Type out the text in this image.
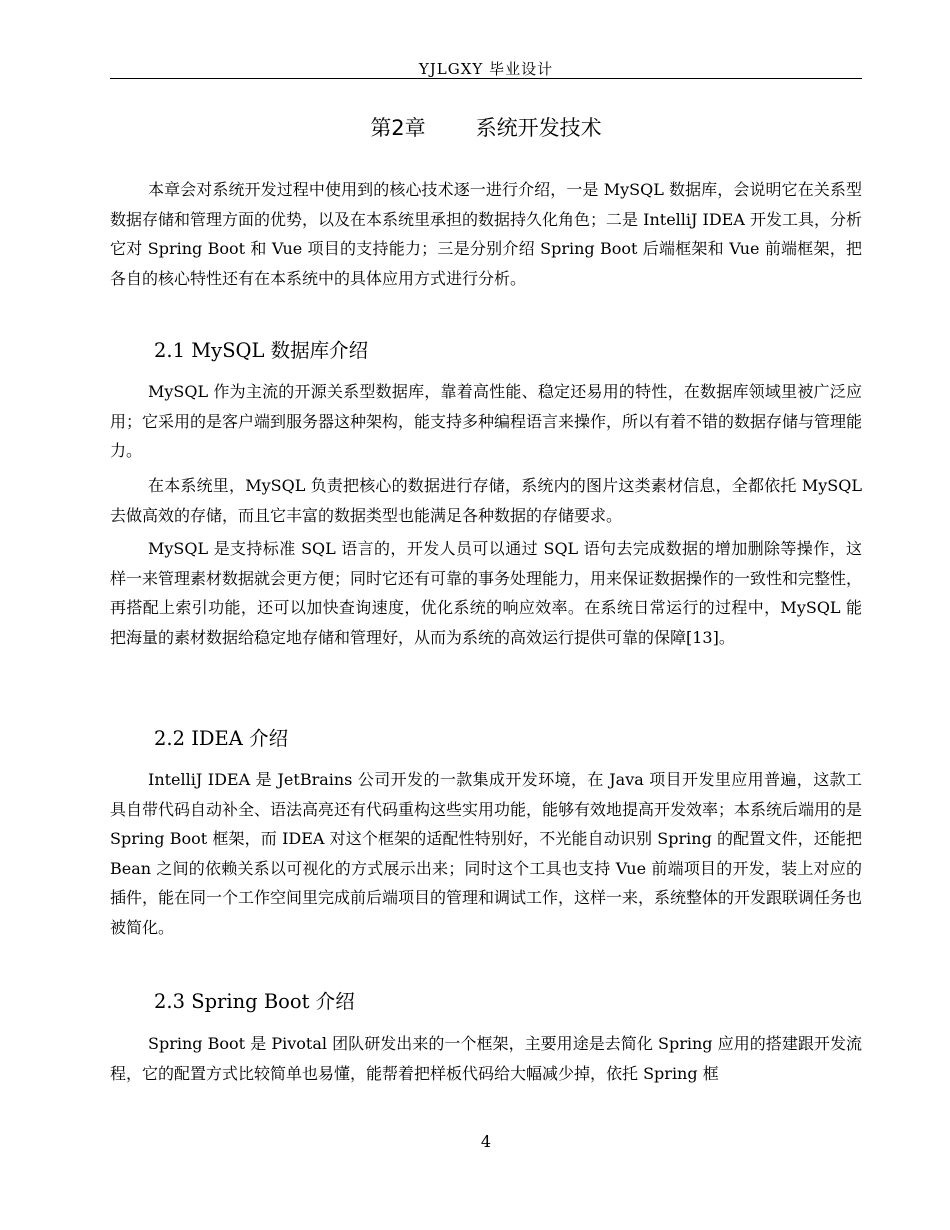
YJLGXY 毕业设计
第2章 系统开发技术

本章会对系统开发过程中使用到的核心技术逐一进行介绍，一是 MySQL 数据库，会说明它在关系型数据存储和管理方面的优势，以及在本系统里承担的数据持久化角色；二是 IntelliJ IDEA 开发工具，分析它对 Spring Boot 和 Vue 项目的支持能力；三是分别介绍 Spring Boot 后端框架和 Vue 前端框架，把各自的核心特性还有在本系统中的具体应用方式进行分析。

2.1 MySQL 数据库介绍

MySQL 作为主流的开源关系型数据库，靠着高性能、稳定还易用的特性，在数据库领域里被广泛应用；它采用的是客户端到服务器这种架构，能支持多种编程语言来操作，所以有着不错的数据存储与管理能力。

在本系统里，MySQL 负责把核心的数据进行存储，系统内的图片这类素材信息，全都依托 MySQL 去做高效的存储，而且它丰富的数据类型也能满足各种数据的存储要求。

MySQL 是支持标准 SQL 语言的，开发人员可以通过 SQL 语句去完成数据的增加删除等操作，这样一来管理素材数据就会更方便；同时它还有可靠的事务处理能力，用来保证数据操作的一致性和完整性，再搭配上索引功能，还可以加快查询速度，优化系统的响应效率。在系统日常运行的过程中，MySQL 能把海量的素材数据给稳定地存储和管理好，从而为系统的高效运行提供可靠的保障[13]。

2.2 IDEA 介绍

IntelliJ IDEA 是 JetBrains 公司开发的一款集成开发环境，在 Java 项目开发里应用普遍，这款工具自带代码自动补全、语法高亮还有代码重构这些实用功能，能够有效地提高开发效率；本系统后端用的是 Spring Boot 框架，而 IDEA 对这个框架的适配性特别好，不光能自动识别 Spring 的配置文件，还能把 Bean 之间的依赖关系以可视化的方式展示出来；同时这个工具也支持 Vue 前端项目的开发，装上对应的插件，能在同一个工作空间里完成前后端项目的管理和调试工作，这样一来，系统整体的开发跟联调任务也被简化。

2.3 Spring Boot 介绍

Spring Boot 是 Pivotal 团队研发出来的一个框架，主要用途是去简化 Spring 应用的搭建跟开发流程，它的配置方式比较简单也易懂，能帮着把样板代码给大幅减少掉，依托 Spring 框

4
